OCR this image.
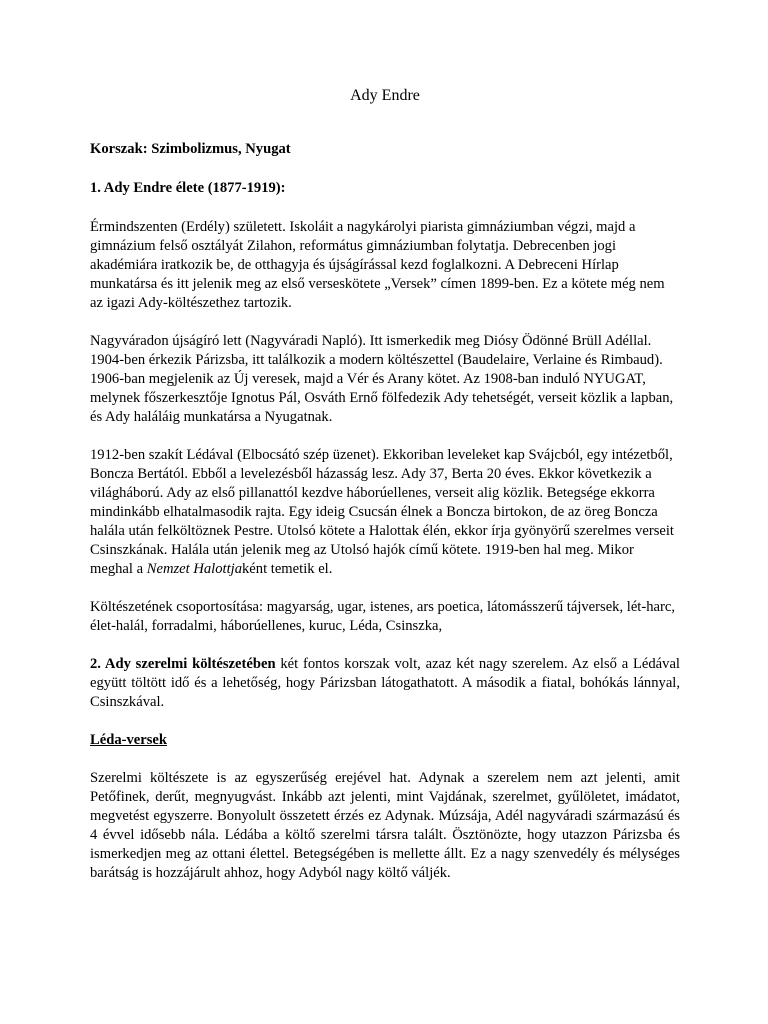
Ady Endre
Korszak: Szimbolizmus, Nyugat
1. Ady Endre élete (1877-1919):

Érmindszenten (Erdély) született. Iskoláit a nagykárolyi piarista gimnáziumban végzi, majd a gimnázium felső osztályát Zilahon, református gimnáziumban folytatja. Debrecenben jogi akadémiára iratkozik be, de otthagyja és újságírással kezd foglalkozni. A Debreceni Hírlap munkatársa és itt jelenik meg az első verseskötete „Versek” címen 1899-ben. Ez a kötete még nem az igazi Ady-költészethez tartozik.

Nagyváradon újságíró lett (Nagyváradi Napló). Itt ismerkedik meg Diósy Ödönné Brüll Adéllal. 1904-ben érkezik Párizsba, itt találkozik a modern költészettel (Baudelaire, Verlaine és Rimbaud). 1906-ban megjelenik az Új veresek, majd a Vér és Arany kötet. Az 1908-ban induló NYUGAT, melynek főszerkesztője Ignotus Pál, Osváth Ernő fölfedezik Ady tehetségét, verseit közlik a lapban, és Ady haláláig munkatársa a Nyugatnak.

1912-ben szakít Lédával (Elbocsátó szép üzenet). Ekkoriban leveleket kap Svájcból, egy intézetből, Boncza Bertától. Ebből a levelezésből házasság lesz. Ady 37, Berta 20 éves. Ekkor következik a világháború. Ady az első pillanattól kezdve háborúellenes, verseit alig közlik. Betegsége ekkorra mindinkább elhatalmasodik rajta. Egy ideig Csucsán élnek a Boncza birtokon, de az öreg Boncza halála után felköltöznek Pestre. Utolsó kötete a Halottak élén, ekkor írja gyönyörű szerelmes verseit Csinszkának. Halála után jelenik meg az Utolsó hajók című kötete. 1919-ben hal meg. Mikor meghal a Nemzet Halottjaként temetik el.

Költészetének csoportosítása: magyarság, ugar, istenes, ars poetica, látomásszerű tájversek, lét-harc, élet-halál, forradalmi, háborúellenes, kuruc, Léda, Csinszka,

2. Ady szerelmi költészetében két fontos korszak volt, azaz két nagy szerelem. Az első a Lédával együtt töltött idő és a lehetőség, hogy Párizsban látogathatott. A második a fiatal, bohókás lánnyal, Csinszkával.

Léda-versek

Szerelmi költészete is az egyszerűség erejével hat. Adynak a szerelem nem azt jelenti, amit Petőfinek, derűt, megnyugvást. Inkább azt jelenti, mint Vajdának, szerelmet, gyűlöletet, imádatot, megvetést egyszerre. Bonyolult összetett érzés ez Adynak. Múzsája, Adél nagyváradi származású és 4 évvel idősebb nála. Lédába a költő szerelmi társra talált. Ösztönözte, hogy utazzon Párizsba és ismerkedjen meg az ottani élettel. Betegségében is mellette állt. Ez a nagy szenvedély és mélységes barátság is hozzájárult ahhoz, hogy Adyból nagy költő váljék.
